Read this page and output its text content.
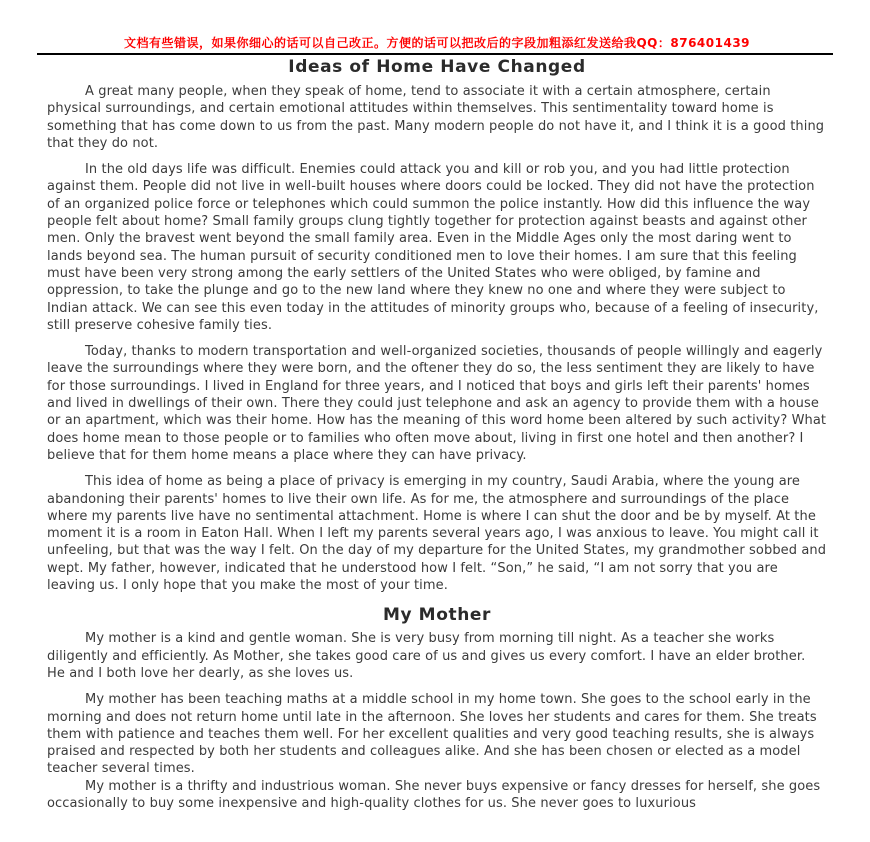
文档有些错误，如果你细心的话可以自己改正。方便的话可以把改后的字段加粗添红发送给我QQ：876401439
Ideas of Home Have Changed

A great many people, when they speak of home, tend to associate it with a certain atmosphere, certain physical surroundings, and certain emotional attitudes within themselves. This sentimentality toward home is something that has come down to us from the past. Many modern people do not have it, and I think it is a good thing that they do not.

In the old days life was difficult. Enemies could attack you and kill or rob you, and you had little protection against them. People did not live in well-built houses where doors could be locked. They did not have the protection of an organized police force or telephones which could summon the police instantly. How did this influence the way people felt about home? Small family groups clung tightly together for protection against beasts and against other men. Only the bravest went beyond the small family area. Even in the Middle Ages only the most daring went to lands beyond sea. The human pursuit of security conditioned men to love their homes. I am sure that this feeling must have been very strong among the early settlers of the United States who were obliged, by famine and oppression, to take the plunge and go to the new land where they knew no one and where they were subject to Indian attack. We can see this even today in the attitudes of minority groups who, because of a feeling of insecurity, still preserve cohesive family ties.

Today, thanks to modern transportation and well-organized societies, thousands of people willingly and eagerly leave the surroundings where they were born, and the oftener they do so, the less sentiment they are likely to have for those surroundings. I lived in England for three years, and I noticed that boys and girls left their parents' homes and lived in dwellings of their own. There they could just telephone and ask an agency to provide them with a house or an apartment, which was their home. How has the meaning of this word home been altered by such activity? What does home mean to those people or to families who often move about, living in first one hotel and then another? I believe that for them home means a place where they can have privacy.

This idea of home as being a place of privacy is emerging in my country, Saudi Arabia, where the young are abandoning their parents' homes to live their own life. As for me, the atmosphere and surroundings of the place where my parents live have no sentimental attachment. Home is where I can shut the door and be by myself. At the moment it is a room in Eaton Hall. When I left my parents several years ago, I was anxious to leave. You might call it unfeeling, but that was the way I felt. On the day of my departure for the United States, my grandmother sobbed and wept. My father, however, indicated that he understood how I felt. “Son,” he said, “I am not sorry that you are leaving us. I only hope that you make the most of your time.

My Mother

My mother is a kind and gentle woman. She is very busy from morning till night. As a teacher she works diligently and efficiently. As Mother, she takes good care of us and gives us every comfort. I have an elder brother. He and I both love her dearly, as she loves us.

My mother has been teaching maths at a middle school in my home town. She goes to the school early in the morning and does not return home until late in the afternoon. She loves her students and cares for them. She treats them with patience and teaches them well. For her excellent qualities and very good teaching results, she is always praised and respected by both her students and colleagues alike. And she has been chosen or elected as a model teacher several times.

My mother is a thrifty and industrious woman. She never buys expensive or fancy dresses for herself, she goes occasionally to buy some inexpensive and high-quality clothes for us. She never goes to luxurious
